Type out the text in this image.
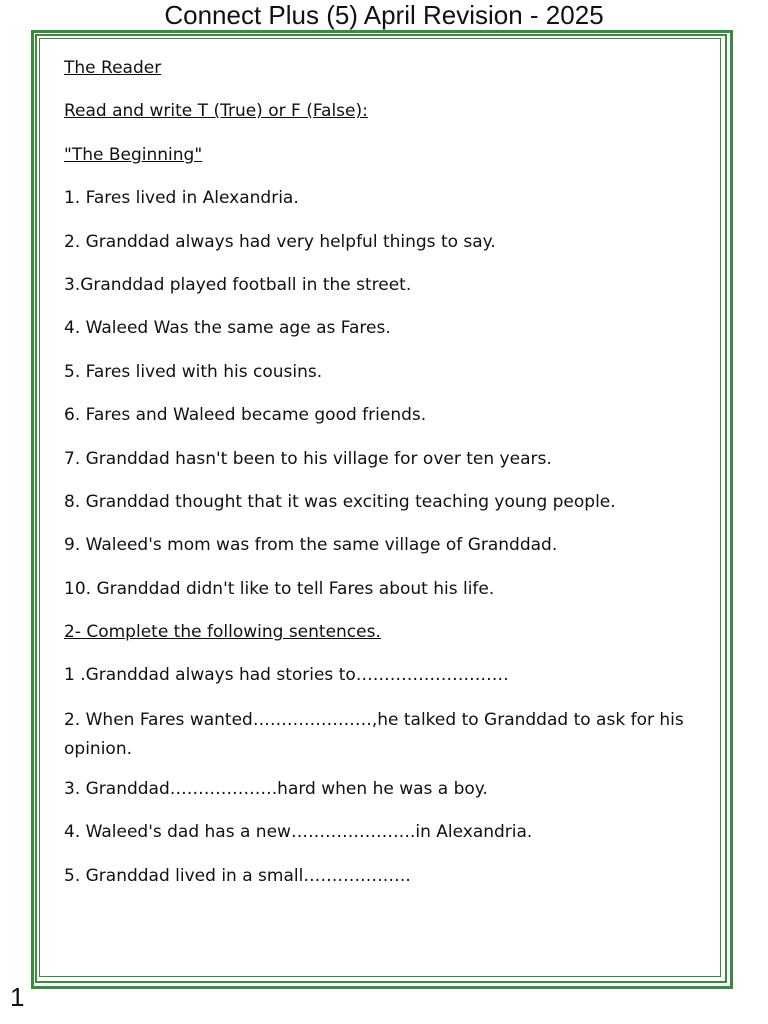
Connect Plus (5) April Revision - 2025
The Reader
Read and write T (True) or F (False):
"The Beginning"
1. Fares lived in Alexandria.
2. Granddad always had very helpful things to say.
3.Granddad played football in the street.
4. Waleed Was the same age as Fares.
5. Fares lived with his cousins.
6. Fares and Waleed became good friends.
7. Granddad hasn't been to his village for over ten years.
8. Granddad thought that it was exciting teaching young people.
9. Waleed's mom was from the same village of Granddad.
10. Granddad didn't like to tell Fares about his life.
2- Complete the following sentences.
1 .Granddad always had stories to………………………
2. When Fares wanted…………………,he talked to Granddad to ask for his opinion.
3. Granddad……………….hard when he was a boy.
4. Waleed's dad has a new………………….in Alexandria.
5. Granddad lived in a small……………….
1
